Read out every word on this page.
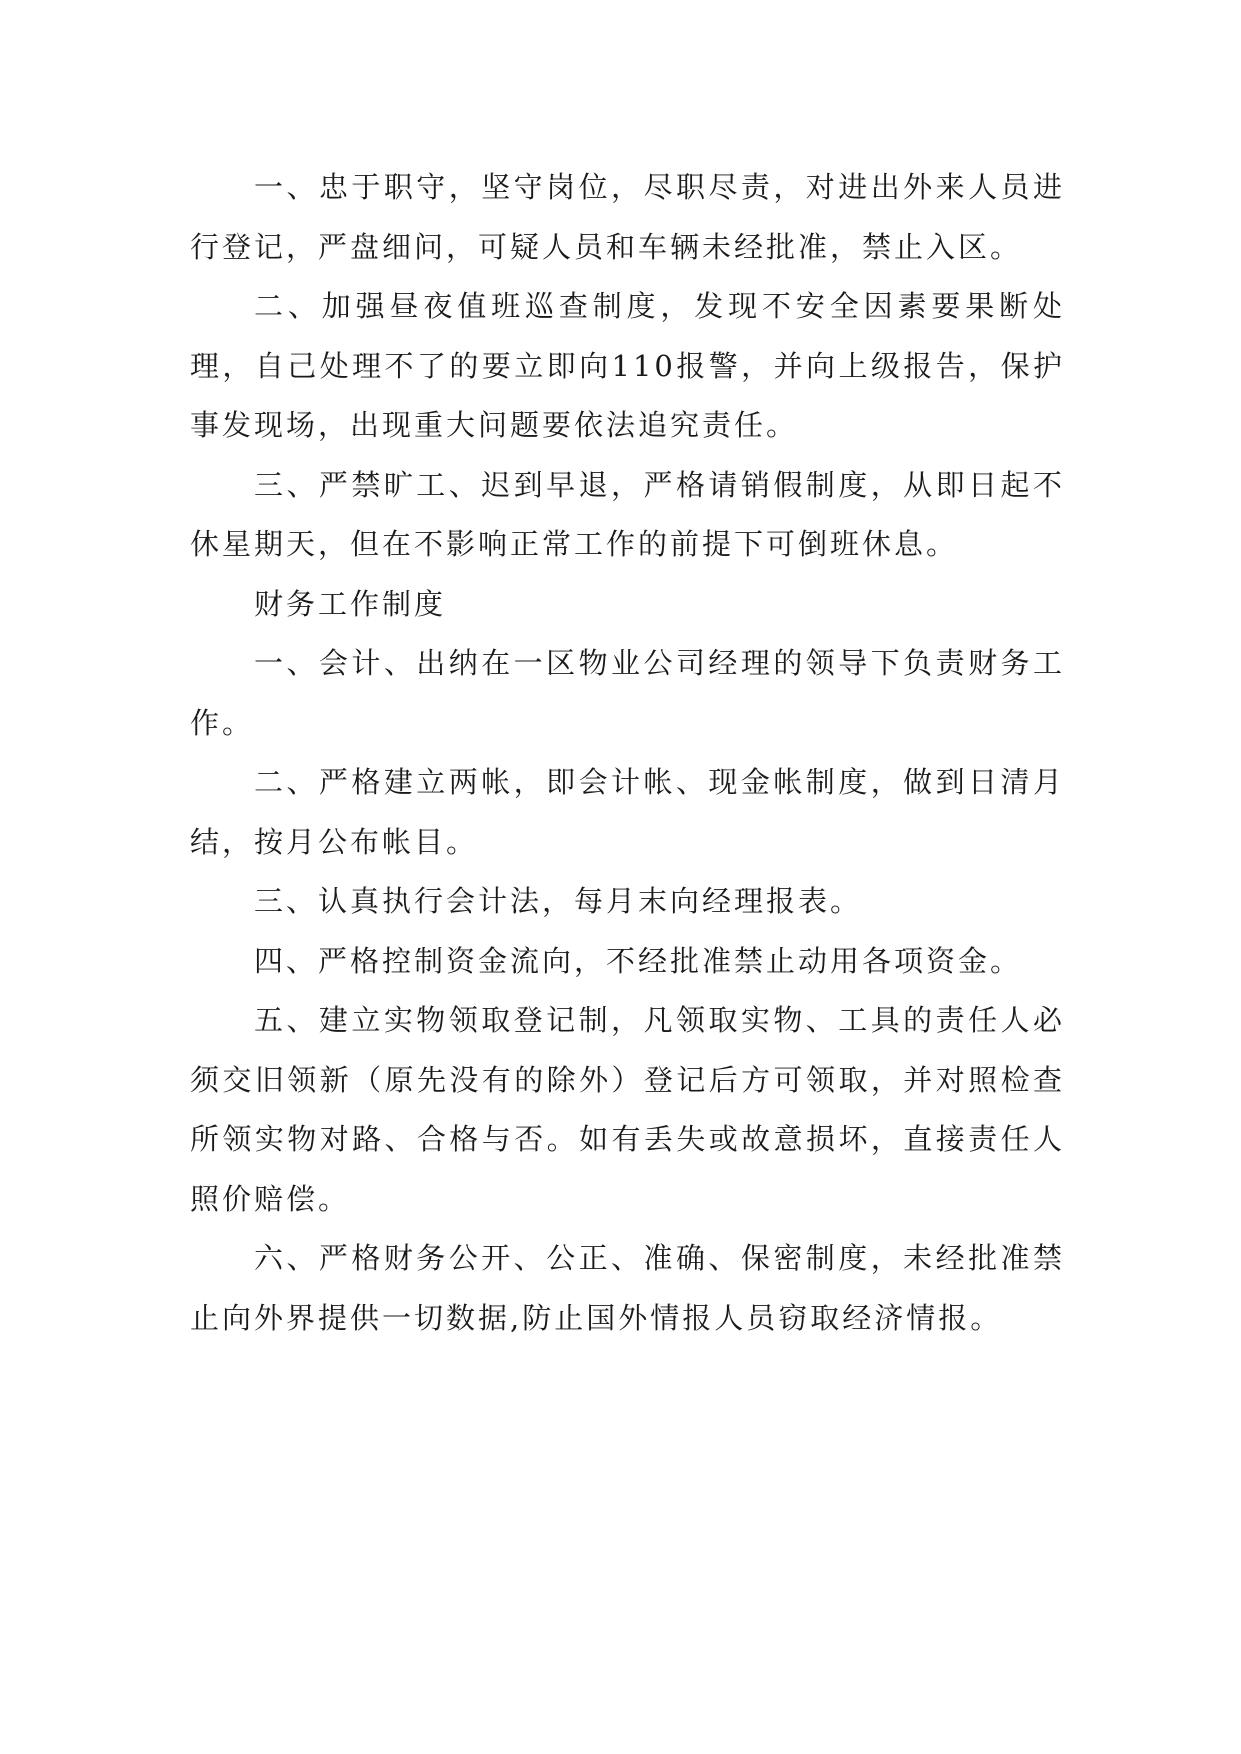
一、忠于职守，坚守岗位，尽职尽责，对进出外来人员进行登记，严盘细问，可疑人员和车辆未经批准，禁止入区。

二、加强昼夜值班巡查制度，发现不安全因素要果断处理，自己处理不了的要立即向110报警，并向上级报告，保护事发现场，出现重大问题要依法追究责任。

三、严禁旷工、迟到早退，严格请销假制度，从即日起不休星期天，但在不影响正常工作的前提下可倒班休息。

财务工作制度

一、会计、出纳在一区物业公司经理的领导下负责财务工作。

二、严格建立两帐，即会计帐、现金帐制度，做到日清月结，按月公布帐目。

三、认真执行会计法，每月末向经理报表。

四、严格控制资金流向，不经批准禁止动用各项资金。

五、建立实物领取登记制，凡领取实物、工具的责任人必须交旧领新（原先没有的除外）登记后方可领取，并对照检查所领实物对路、合格与否。如有丢失或故意损坏，直接责任人照价赔偿。

六、严格财务公开、公正、准确、保密制度，未经批准禁止向外界提供一切数据,防止国外情报人员窃取经济情报。
